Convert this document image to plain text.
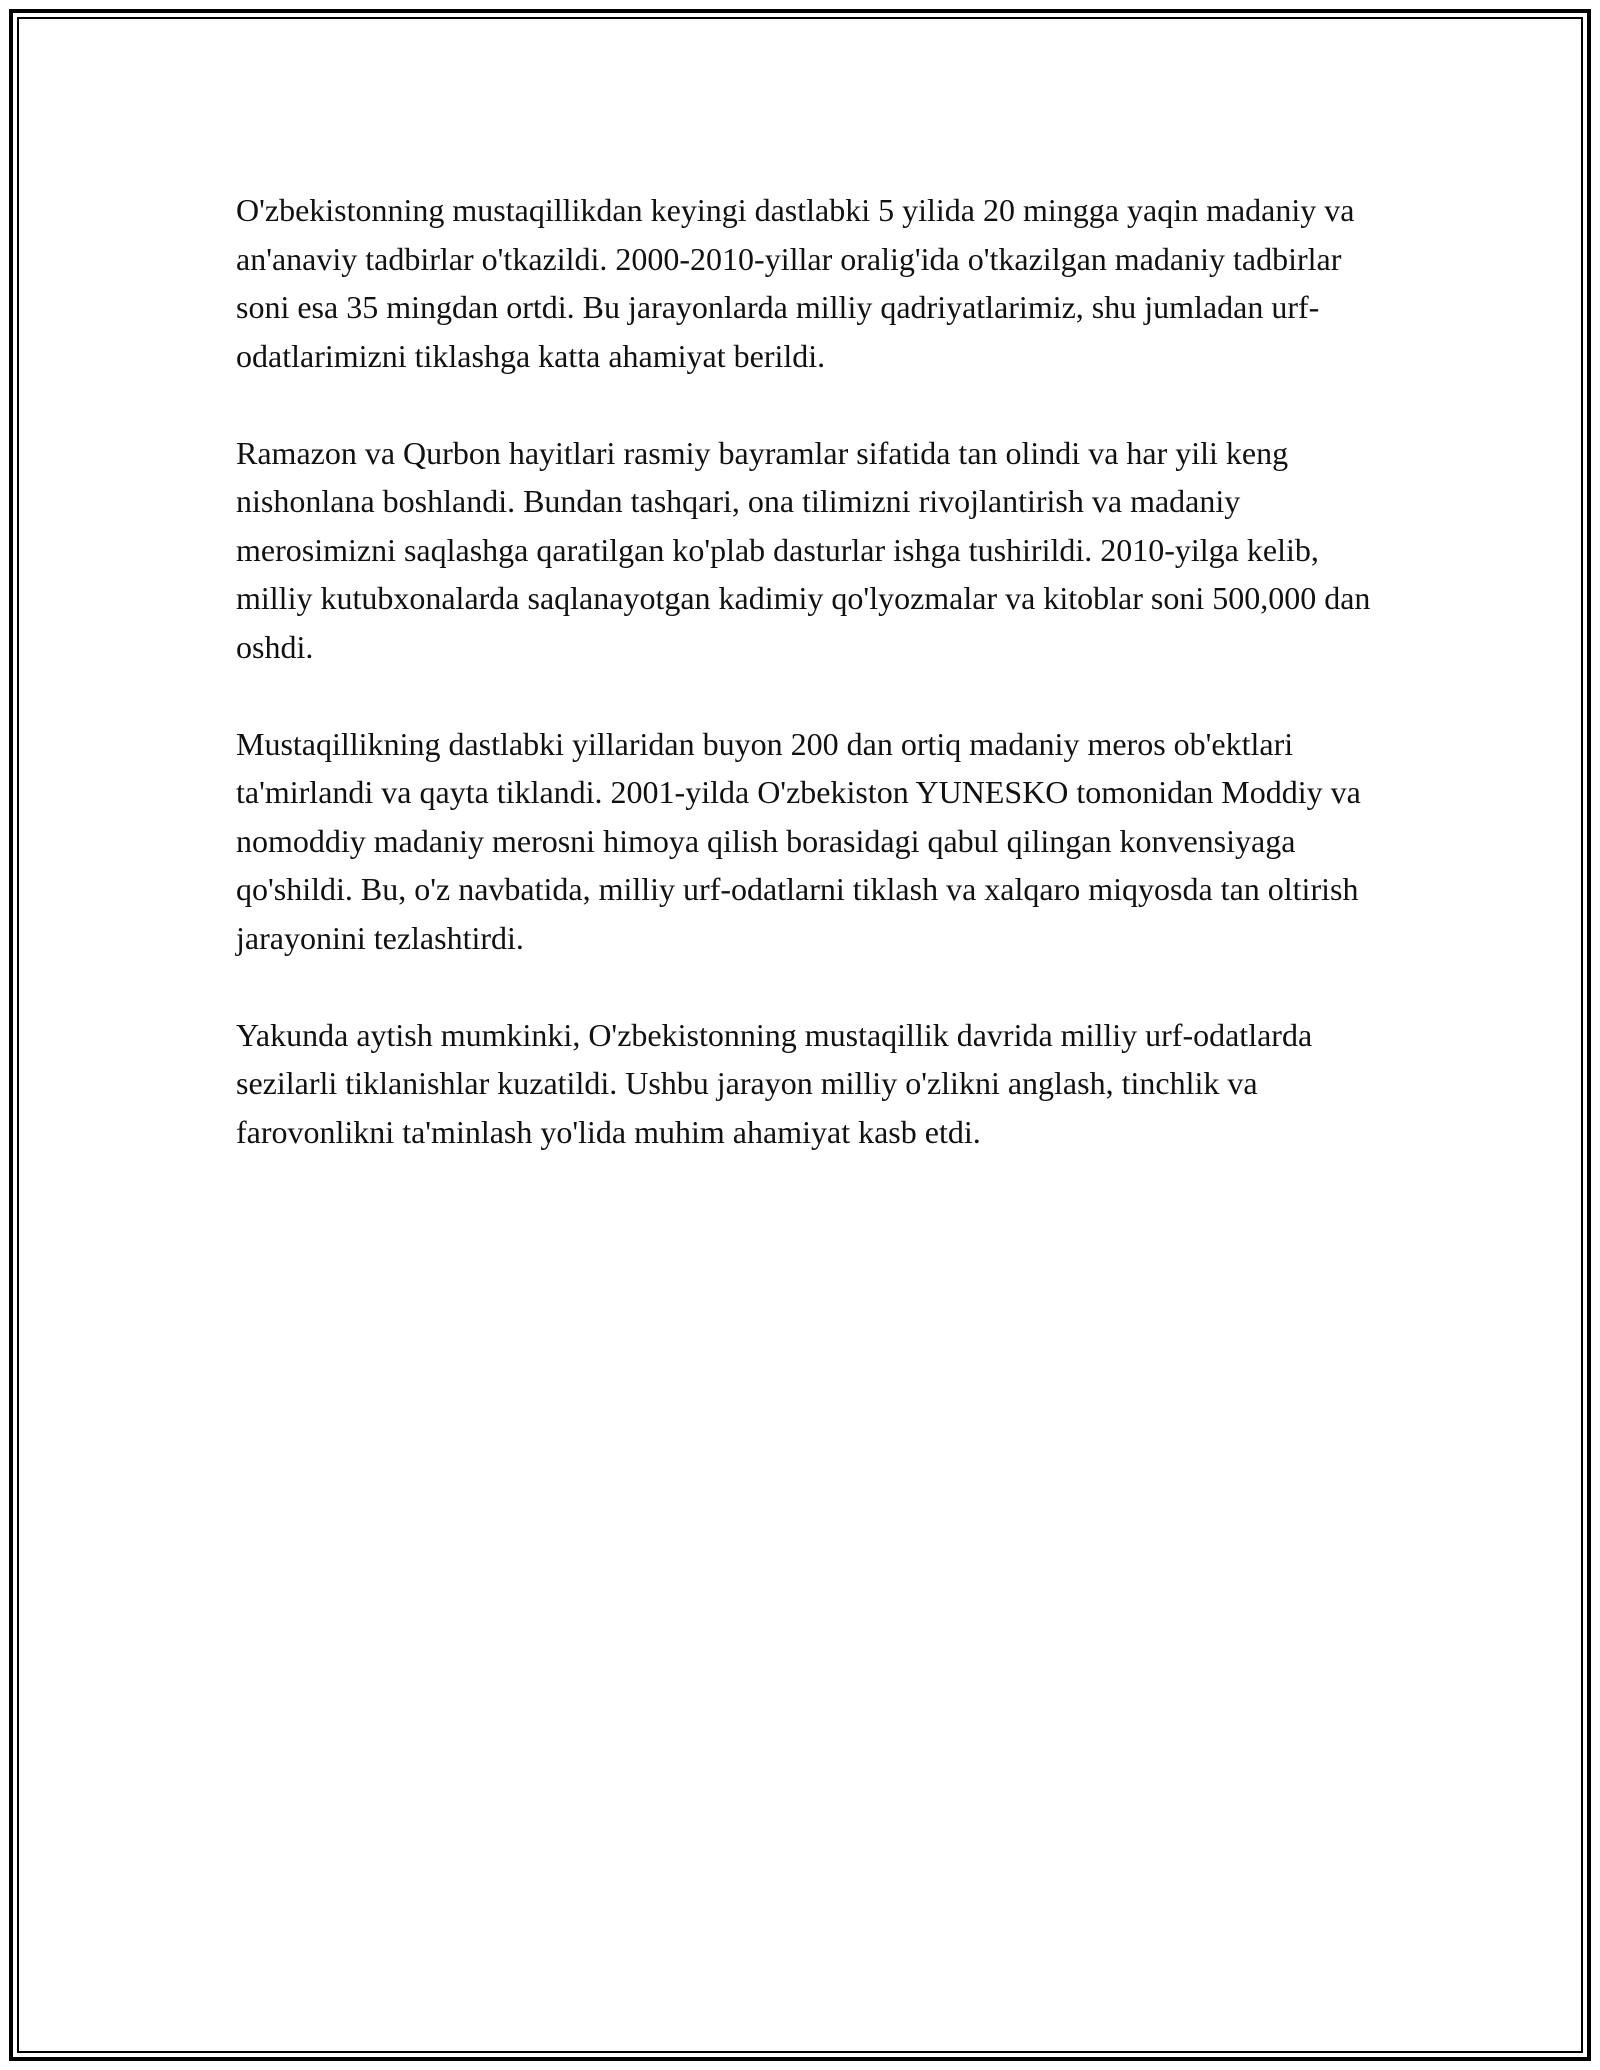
O'zbekistonning mustaqillikdan keyingi dastlabki 5 yilida 20 mingga yaqin madaniy va an'anaviy tadbirlar o'tkazildi. 2000-2010-yillar oralig'ida o'tkazilgan madaniy tadbirlar soni esa 35 mingdan ortdi. Bu jarayonlarda milliy qadriyatlarimiz, shu jumladan urf-odatlarimizni tiklashga katta ahamiyat berildi.

Ramazon va Qurbon hayitlari rasmiy bayramlar sifatida tan olindi va har yili keng nishonlana boshlandi. Bundan tashqari, ona tilimizni rivojlantirish va madaniy merosimizni saqlashga qaratilgan ko'plab dasturlar ishga tushirildi. 2010-yilga kelib, milliy kutubxonalarda saqlanayotgan kadimiy qo'lyozmalar va kitoblar soni 500,000 dan oshdi.

Mustaqillikning dastlabki yillaridan buyon 200 dan ortiq madaniy meros ob'ektlari ta'mirlandi va qayta tiklandi. 2001-yilda O'zbekiston YUNESKO tomonidan Moddiy va nomoddiy madaniy merosni himoya qilish borasidagi qabul qilingan konvensiyaga qo'shildi. Bu, o'z navbatida, milliy urf-odatlarni tiklash va xalqaro miqyosda tan oltirish jarayonini tezlashtirdi.

Yakunda aytish mumkinki, O'zbekistonning mustaqillik davrida milliy urf-odatlarda sezilarli tiklanishlar kuzatildi. Ushbu jarayon milliy o'zlikni anglash, tinchlik va farovonlikni ta'minlash yo'lida muhim ahamiyat kasb etdi.
